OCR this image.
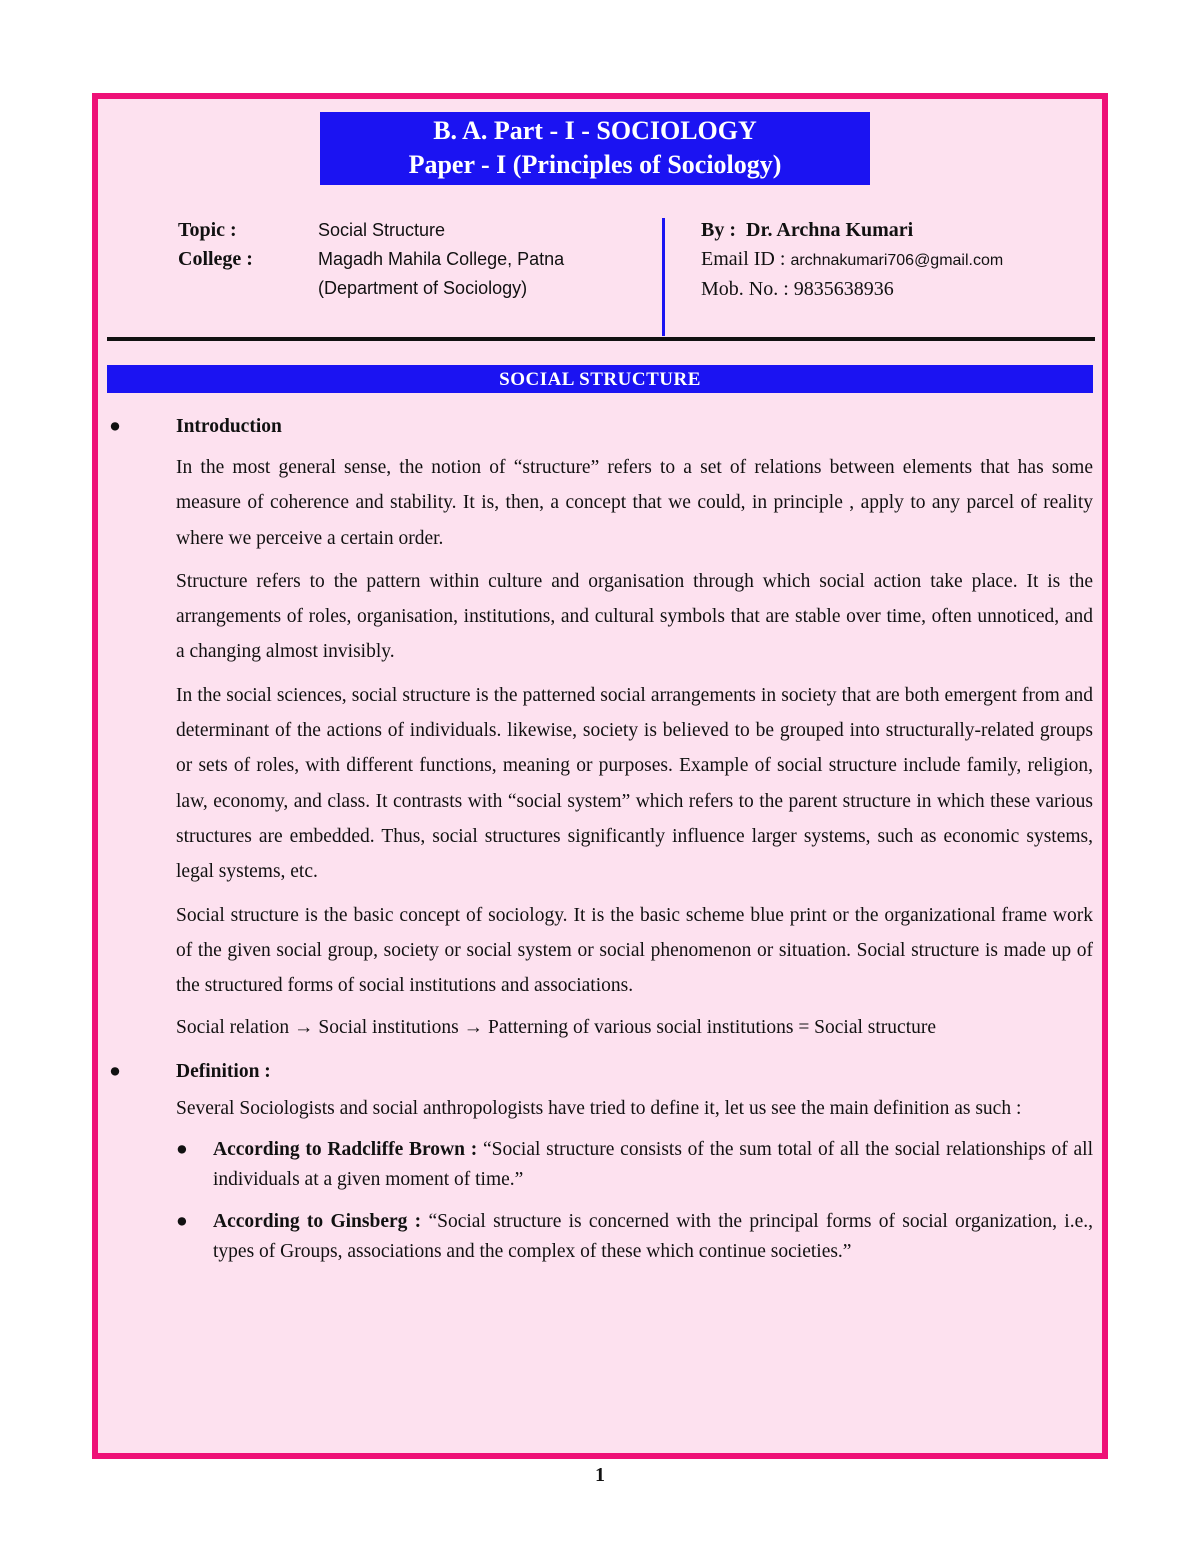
B. A. Part - I - SOCIOLOGY
Paper - I (Principles of Sociology)
Topic :
College :
Social Structure
Magadh Mahila College, Patna
(Department of Sociology)
By : Dr. Archna Kumari
Email ID : archnakumari706@gmail.com
Mob. No. : 9835638936
SOCIAL STRUCTURE
●	Introduction
In the most general sense, the notion of “structure” refers to a set of relations between elements that has some measure of coherence and stability. It is, then, a concept that we could, in principle , apply to any parcel of reality where we perceive a certain order.
Structure refers to the pattern within culture and organisation through which social action take place. It is the arrangements of roles, organisation, institutions, and cultural symbols that are stable over time, often unnoticed, and a changing almost invisibly.
In the social sciences, social structure is the patterned social arrangements in society that are both emergent from and determinant of the actions of individuals. likewise, society is believed to be grouped into structurally-related groups or sets of roles, with different functions, meaning or purposes. Example of social structure include family, religion, law, economy, and class. It contrasts with “social system” which refers to the parent structure in which these various structures are embedded. Thus, social structures significantly influence larger systems, such as economic systems, legal systems, etc.
Social structure is the basic concept of sociology. It is the basic scheme blue print or the organizational frame work of the given social group, society or social system or social phenomenon or situation. Social structure is made up of the structured forms of social institutions and associations.
Social relation → Social institutions → Patterning of various social institutions = Social structure
●	Definition :
Several Sociologists and social anthropologists have tried to define it, let us see the main definition as such :
● According to Radcliffe Brown : “Social structure consists of the sum total of all the social relationships of all individuals at a given moment of time.”
● According to Ginsberg : “Social structure is concerned with the principal forms of social organization, i.e., types of Groups, associations and the complex of these which continue societies.”
1
